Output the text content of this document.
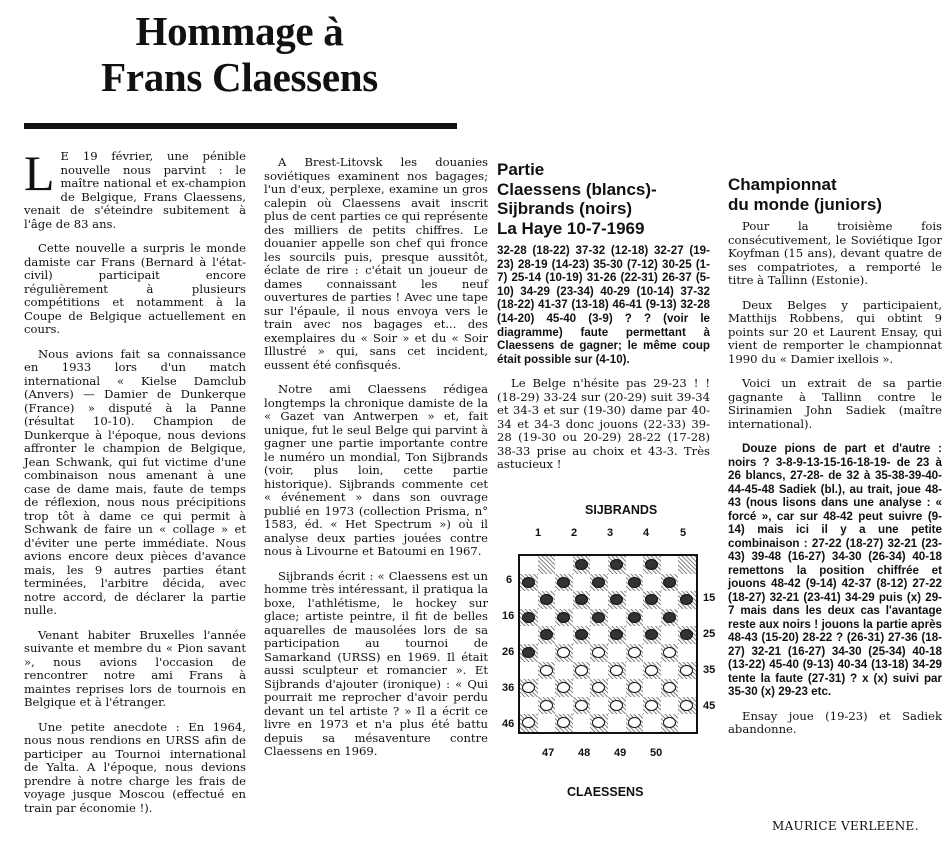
Hommage à
Frans Claessens

L E 19 février, une pénible nouvelle nous parvint : le maître national et ex-champion de Belgique, Frans Claessens, venait de s'éteindre subitement à l'âge de 83 ans.

Cette nouvelle a surpris le monde damiste car Frans (Bernard à l'état-civil) participait encore régulièrement à plusieurs compétitions et notamment à la Coupe de Belgique actuellement en cours.

Nous avions fait sa connaissance en 1933 lors d'un match international « Kielse Damclub (Anvers) — Damier de Dunkerque (France) » disputé à la Panne (résultat 10-10). Champion de Dunkerque à l'époque, nous devions affronter le champion de Belgique, Jean Schwank, qui fut victime d'une combinaison nous amenant à une case de dame mais, faute de temps de réflexion, nous nous précipitions trop tôt à dame ce qui permit à Schwank de faire un « collage » et d'éviter une perte immédiate. Nous avions encore deux pièces d'avance mais, les 9 autres parties étant terminées, l'arbitre décida, avec notre accord, de déclarer la partie nulle.

Venant habiter Bruxelles l'année suivante et membre du « Pion savant », nous avions l'occasion de rencontrer notre ami Frans à maintes reprises lors de tournois en Belgique et à l'étranger.

Une petite anecdote : En 1964, nous nous rendions en URSS afin de participer au Tournoi international de Yalta. A l'époque, nous devions prendre à notre charge les frais de voyage jusque Moscou (effectué en train par économie !).

A Brest-Litovsk les douanies soviétiques examinent nos bagages; l'un d'eux, perplexe, examine un gros calepin où Claessens avait inscrit plus de cent parties ce qui représente des milliers de petits chiffres. Le douanier appelle son chef qui fronce les sourcils puis, presque aussitôt, éclate de rire : c'était un joueur de dames connaissant les neuf ouvertures de parties ! Avec une tape sur l'épaule, il nous envoya vers le train avec nos bagages et... des exemplaires du « Soir » et du « Soir Illustré » qui, sans cet incident, eussent été confisqués.

Notre ami Claessens rédigea longtemps la chronique damiste de la « Gazet van Antwerpen » et, fait unique, fut le seul Belge qui parvint à gagner une partie importante contre le numéro un mondial, Ton Sijbrands (voir, plus loin, cette partie historique). Sijbrands commente cet « événement » dans son ouvrage publié en 1973 (collection Prisma, n° 1583, éd. « Het Spectrum ») où il analyse deux parties jouées contre nous à Livourne et Batoumi en 1967.

Sijbrands écrit : « Claessens est un homme très intéressant, il pratiqua la boxe, l'athlétisme, le hockey sur glace; artiste peintre, il fit de belles aquarelles de mausolées lors de sa participation au tournoi de Samarkand (URSS) en 1969. Il était aussi sculpteur et romancier ». Et Sijbrands d'ajouter (ironique) : « Qui pourrait me reprocher d'avoir perdu devant un tel artiste ? » Il a écrit ce livre en 1973 et n'a plus été battu depuis sa mésaventure contre Claessens en 1969.

Partie
Claessens (blancs)-
Sijbrands (noirs)
La Haye 10-7-1969

32-28 (18-22) 37-32 (12-18) 32-27 (19-23) 28-19 (14-23) 35-30 (7-12) 30-25 (1-7) 25-14 (10-19) 31-26 (22-31) 26-37 (5-10) 34-29 (23-34) 40-29 (10-14) 37-32 (18-22) 41-37 (13-18) 46-41 (9-13) 32-28 (14-20) 45-40 (3-9) ? ? (voir le diagramme) faute permettant à Claessens de gagner; le même coup était possible sur (4-10).

Le Belge n'hésite pas 29-23 ! ! (18-29) 33-24 sur (20-29) suit 39-34 et 34-3 et sur (19-30) dame par 40-34 et 34-3 donc jouons (22-33) 39-28 (19-30 ou 20-29) 28-22 (17-28) 38-33 prise au choix et 43-3. Très astucieux !

Championnat
du monde (juniors)

Pour la troisième fois consécutivement, le Soviétique Igor Koyfman (15 ans), devant quatre de ses compatriotes, a remporté le titre à Tallinn (Estonie).

Deux Belges y participaient, Matthijs Robbens, qui obtint 9 points sur 20 et Laurent Ensay, qui vient de remporter le championnat 1990 du « Damier ixellois ».

Voici un extrait de sa partie gagnante à Tallinn contre le Sirinamien John Sadiek (maître international).

Douze pions de part et d'autre : noirs ? 3-8-9-13-15-16-18-19- de 23 à 26 blancs, 27-28- de 32 à 35-38-39-40-44-45-48 Sadiek (bl.), au trait, joue 48-43 (nous lisons dans une analyse : « forcé », car sur 48-42 peut suivre (9-14) mais ici il y a une petite combinaison : 27-22 (18-27) 32-21 (23-43) 39-48 (16-27) 34-30 (26-34) 40-18 remettons la position chiffrée et jouons 48-42 (9-14) 42-37 (8-12) 27-22 (18-27) 32-21 (23-41) 34-29 puis (x) 29-7 mais dans les deux cas l'avantage reste aux noirs ! jouons la partie après 48-43 (15-20) 28-22 ? (26-31) 27-36 (18-27) 32-21 (16-27) 34-30 (25-34) 40-18 (13-22) 45-40 (9-13) 40-34 (13-18) 34-29 tente la faute (27-31) ? x (x) suivi par 35-30 (x) 29-23 etc.

Ensay joue (19-23) et Sadiek abandonne.

MAURICE VERLEENE.
SIJBRANDS
1	2	3	4	5
6
16
26
36
46
15
25
35
45
47 48 49 50
CLAESSENS
